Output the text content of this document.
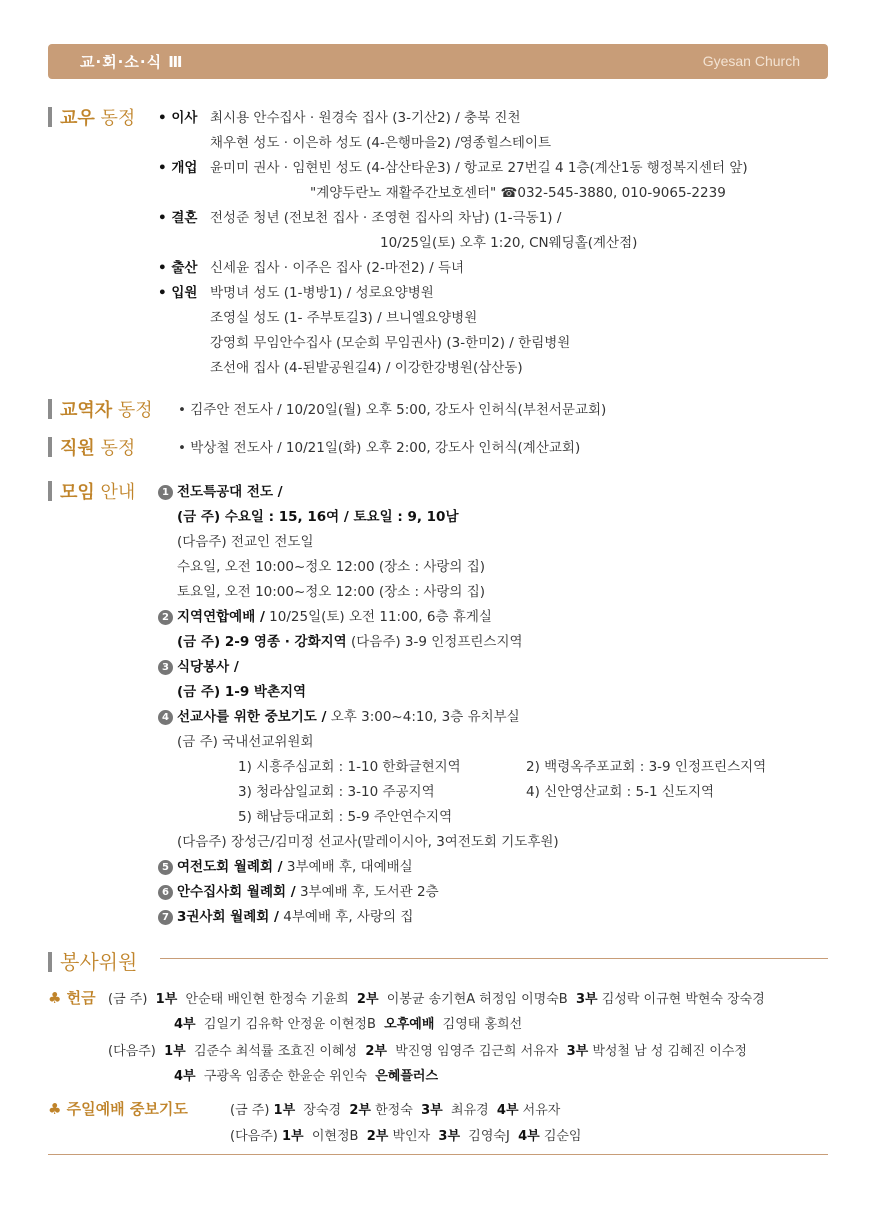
교·회·소·식 Ⅲ	Gyesan Church
교우 동정 • 이사 최시용 안수집사 · 원경숙 집사 (3-기산2) / 충북 진천
채우현 성도 · 이은하 성도 (4-은행마을2) /영종힐스테이트
• 개업 윤미미 권사 · 임현빈 성도 (4-삼산타운3) / 항교로 27번길 4 1층(계산1동 행정복지센터 앞)
"계양두란노 재활주간보호센터" ☎032-545-3880, 010-9065-2239
• 결혼 전성준 청년 (전보천 집사 · 조영현 집사의 차남) (1-극동1) /
10/25일(토) 오후 1:20, CN웨딩홀(계산점)
• 출산 신세윤 집사 · 이주은 집사 (2-마전2) / 득녀
• 입원 박명녀 성도 (1-병방1) / 성로요양병원
조영실 성도 (1- 주부토길3) / 브니엘요양병원
강영희 무임안수집사 (모순희 무임권사) (3-한미2) / 한림병원
조선애 집사 (4-된밭공원길4) / 이강한강병원(삼산동)
교역자 동정 • 김주안 전도사 / 10/20일(월) 오후 5:00, 강도사 인허식(부천서문교회)
직원 동정	• 박상철 전도사 / 10/21일(화) 오후 2:00, 강도사 인허식(계산교회)
모임 안내	1 전도특공대 전도 /
(금 주) 수요일 : 15, 16여 / 토요일 : 9, 10남
(다음주) 전교인 전도일
수요일, 오전 10:00~정오 12:00 (장소 : 사랑의 집)
토요일, 오전 10:00~정오 12:00 (장소 : 사랑의 집)
2 지역연합예배 / 10/25일(토) 오전 11:00, 6층 휴게실
(금 주) 2-9 영종 · 강화지역 (다음주) 3-9 인정프린스지역
3 식당봉사 /
(금 주) 1-9 박촌지역
4 선교사를 위한 중보기도 / 오후 3:00~4:10, 3층 유치부실
(금 주) 국내선교위원회
1) 시흥주심교회 : 1-10 한화글현지역	2) 백령옥주포교회 : 3-9 인정프린스지역
3) 청라삼일교회 : 3-10 주공지역	4) 신안영산교회 : 5-1 신도지역
5) 해남등대교회 : 5-9 주안연수지역
(다음주) 장성근/김미정 선교사(말레이시아, 3여전도회 기도후원)
5 여전도회 월례회 / 3부예배 후, 대예배실
6 안수집사회 월례회 / 3부예배 후, 도서관 2층
7 3권사회 월례회 / 4부예배 후, 사랑의 집
봉사위원
♣ 헌금 (금 주) 1부 안순태 배인현 한정숙 기윤희 2부 이봉균 송기현A 허정임 이명숙B 3부 김성락 이규현 박현숙 장숙경
4부 김일기 김유학 안정윤 이현정B 오후예배 김영태 홍희선
(다음주) 1부 김준수 최석률 조효진 이혜성 2부 박진영 임영주 김근희 서유자 3부 박성철 남 성 김혜진 이수정
4부 구광옥 임종순 한윤순 위인숙 은혜플러스
♣ 주일예배 중보기도	(금 주) 1부 장숙경 2부 한정숙 3부 최유경 4부 서유자
(다음주) 1부 이현정B 2부 박인자 3부 김영숙J 4부 김순임
